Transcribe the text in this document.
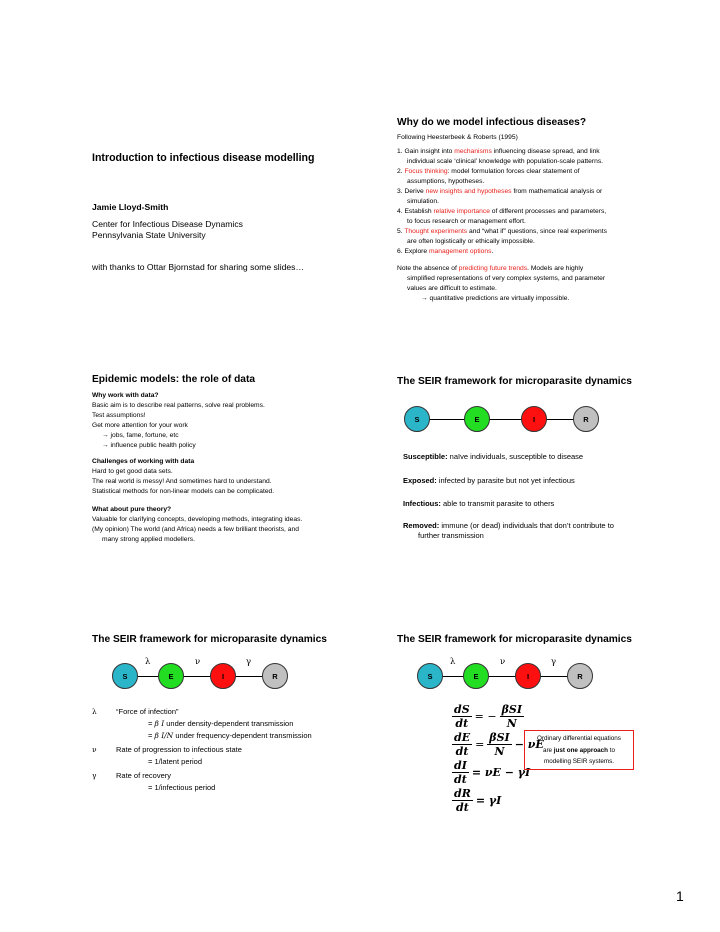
Introduction to infectious disease modelling
Jamie Lloyd-Smith
Center for Infectious Disease Dynamics
Pennsylvania State University
with thanks to Ottar Bjornstad for sharing some slides…
Why do we model infectious diseases?
Following Heesterbeek & Roberts (1995)
1. Gain insight into mechanisms influencing disease spread, and link
individual scale ‘clinical’ knowledge with population-scale patterns.
2. Focus thinking: model formulation forces clear statement of
assumptions, hypotheses.
3. Derive new insights and hypotheses from mathematical analysis or
simulation.
4. Establish relative importance of different processes and parameters,
to focus research or management effort.
5. Thought experiments and “what if” questions, since real experiments
are often logistically or ethically impossible.
6. Explore management options.
Note the absence of predicting future trends. Models are highly
simplified representations of very complex systems, and parameter
values are difficult to estimate.
→ quantitative predictions are virtually impossible.
Epidemic models: the role of data
Why work with data?
Basic aim is to describe real patterns, solve real problems.
Test assumptions!
Get more attention for your work
→ jobs, fame, fortune, etc
→ influence public health policy
Challenges of working with data
Hard to get good data sets.
The real world is messy! And sometimes hard to understand.
Statistical methods for non-linear models can be complicated.
What about pure theory?
Valuable for clarifying concepts, developing methods, integrating ideas.
(My opinion) The world (and Africa) needs a few brilliant theorists, and
many strong applied modellers.
The SEIR framework for microparasite dynamics
S	E	I	R
Susceptible: naïve individuals, susceptible to disease
Exposed: infected by parasite but not yet infectious
Infectious: able to transmit parasite to others
Removed: immune (or dead) individuals that don’t contribute to
further transmission
The SEIR framework for microparasite dynamics
S	E	I	R
λ	ν	γ
λ	“Force of infection”
= β I under density-dependent transmission
= β I/N under frequency-dependent transmission
ν	Rate of progression to infectious state
= 1/latent period
γ	Rate of recovery
= 1/infectious period
The SEIR framework for microparasite dynamics
S	E	I	R
λ	ν	γ
$\frac{dS}{dt}$ = − $\frac{\text{βSI}}{N}$
$\frac{dE}{dt} = \frac{\text{βSI}}{N} - \nu E$
$\frac{dI}{dt} = \nu E - \gamma I$
$\frac{dR}{dt} = \gamma I$
Ordinary differential equations
are just one approach to
modelling SEIR systems.
1
